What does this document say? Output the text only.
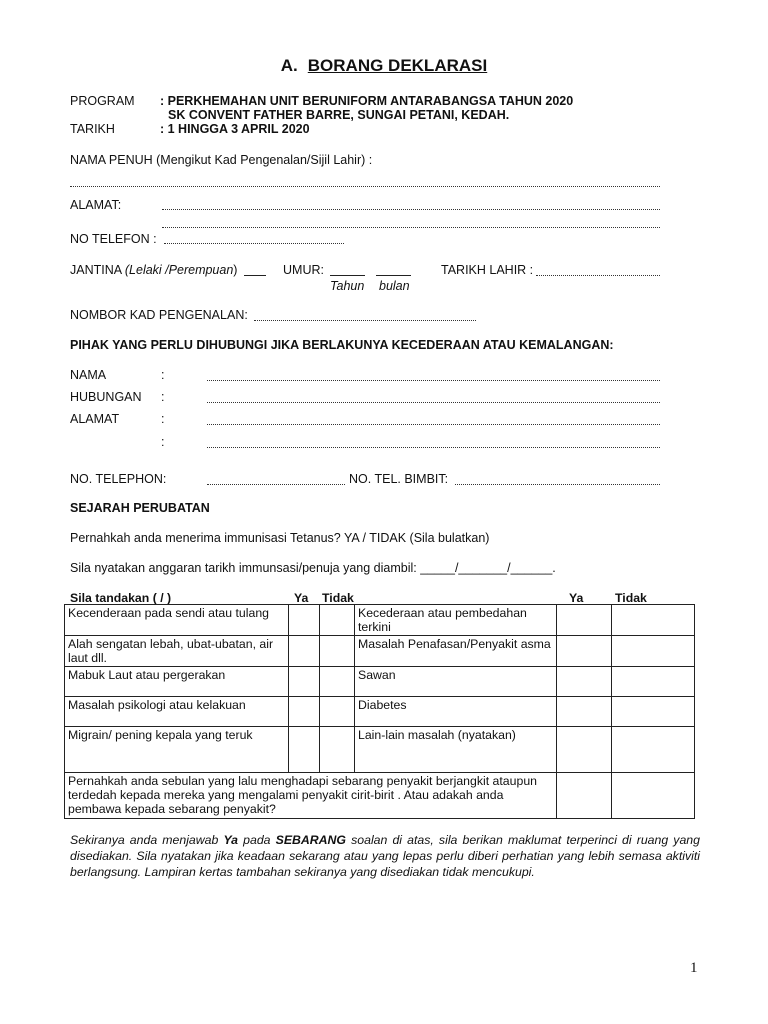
A. BORANG DEKLARASI
PROGRAM : PERKHEMAHAN UNIT BERUNIFORM ANTARABANGSA TAHUN 2020
SK CONVENT FATHER BARRE, SUNGAI PETANI, KEDAH.
TARIKH	: 1 HINGGA 3 APRIL 2020
NAMA PENUH (Mengikut Kad Pengenalan/Sijil Lahir) :
ALAMAT:
NO TELEFON :
JANTINA (Lelaki /Perempuan)	UMUR:
Tahun bulan
TARIKH LAHIR :
NOMBOR KAD PENGENALAN:
PIHAK YANG PERLU DIHUBUNGI JIKA BERLAKUNYA KECEDERAAN ATAU KEMALANGAN:
NAMA	:
HUBUNGAN :
ALAMAT	:
:
NO. TELEPHON:	NO. TEL. BIMBIT:
SEJARAH PERUBATAN
Pernahkah anda menerima immunisasi Tetanus? YA / TIDAK (Sila bulatkan)
Sila nyatakan anggaran tarikh immunsasi/penuja yang diambil: _____/_______/______.
Sila tandakan ( / )	Ya Tidak	Ya	Tidak
Kecenderaan pada sendi atau tulang			Kecederaan atau pembedahan terkini		
Alah sengatan lebah, ubat-ubatan, air laut dll.			Masalah Penafasan/Penyakit asma		
Mabuk Laut atau pergerakan			Sawan		
Masalah psikologi atau kelakuan			Diabetes		
Migrain/ pening kepala yang teruk			Lain-lain masalah (nyatakan)		
Pernahkah anda sebulan yang lalu menghadapi sebarang penyakit berjangkit ataupun terdedah kepada mereka yang mengalami penyakit cirit-birit . Atau adakah anda pembawa kepada sebarang penyakit?					
Sekiranya anda menjawab Ya pada SEBARANG soalan di atas, sila berikan maklumat terperinci di ruang yang disediakan. Sila nyatakan jika keadaan sekarang atau yang lepas perlu diberi perhatian yang lebih semasa aktiviti berlangsung. Lampiran kertas tambahan sekiranya yang disediakan tidak mencukupi.
1
